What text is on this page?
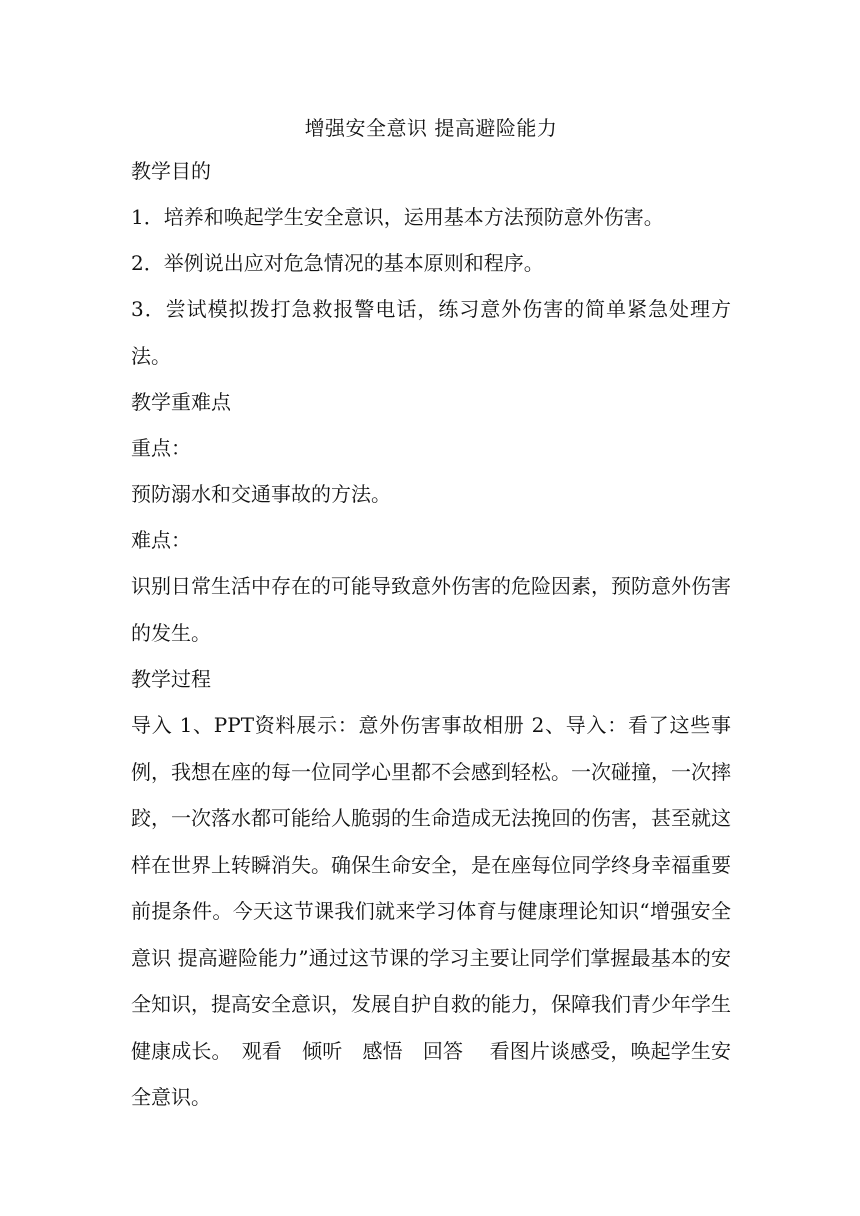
增强安全意识 提高避险能力

教学目的

1．培养和唤起学生安全意识，运用基本方法预防意外伤害。

2．举例说出应对危急情况的基本原则和程序。

3．尝试模拟拨打急救报警电话，练习意外伤害的简单紧急处理方法。

教学重难点

重点：

预防溺水和交通事故的方法。

难点：

识别日常生活中存在的可能导致意外伤害的危险因素，预防意外伤害的发生。

教学过程

导入 1、PPT资料展示：意外伤害事故相册 2、导入：看了这些事例，我想在座的每一位同学心里都不会感到轻松。一次碰撞，一次摔跤，一次落水都可能给人脆弱的生命造成无法挽回的伤害，甚至就这样在世界上转瞬消失。确保生命安全，是在座每位同学终身幸福重要前提条件。今天这节课我们就来学习体育与健康理论知识“增强安全意识 提高避险能力”通过这节课的学习主要让同学们掌握最基本的安全知识，提高安全意识，发展自护自救的能力，保障我们青少年学生健康成长。　观看　倾听　感悟　回答　 看图片谈感受，唤起学生安全意识。
